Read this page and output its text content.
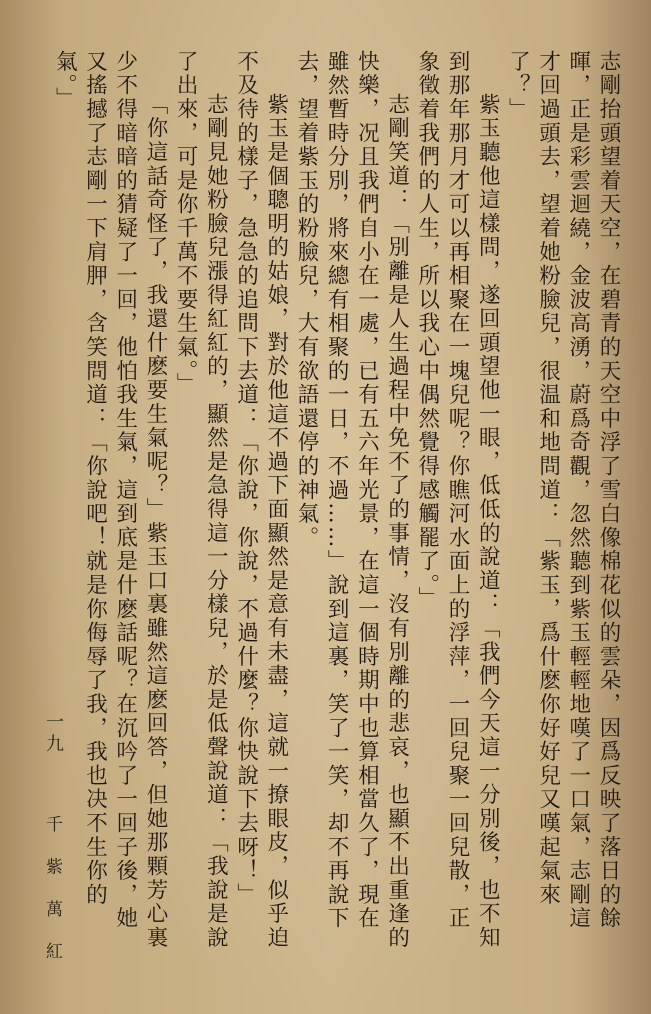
志剛抬頭望着天空，在碧青的天空中浮了雪白像棉花似的雲朵，因爲反映了落日的餘暉，正是彩雲迴繞，金波高湧，蔚爲奇觀，忽然聽到紫玉輕輕地嘆了一口氣，志剛這才回過頭去，望着她粉臉兒，很温和地問道：「紫玉，爲什麽你好好兒又嘆起氣來了？」

紫玉聽他這樣問，遂回頭望他一眼，低低的說道：「我們今天這一分別後，也不知到那年那月才可以再相聚在一塊兒呢？你瞧河水面上的浮萍，一回兒聚一回兒散，正象徵着我們的人生，所以我心中偶然覺得感觸罷了。」

志剛笑道：「別離是人生過程中免不了的事情，沒有別離的悲哀，也顯不出重逢的快樂，况且我們自小在一處，已有五六年光景，在這一個時期中也算相當久了，現在雖然暫時分別，將來總有相聚的一日，不過……」說到這裏，笑了一笑，却不再說下去，望着紫玉的粉臉兒，大有欲語還停的神氣。

紫玉是個聰明的姑娘，對於他這不過下面顯然是意有未盡，這就一撩眼皮，似乎迫不及待的樣子，急急的追問下去道：「你說，你說，不過什麼？你快說下去呀！」

志剛見她粉臉兒漲得紅紅的，顯然是急得這一分樣兒，於是低聲說道：「我說是說了出來，可是你千萬不要生氣。」

「你這話奇怪了，我還什麽要生氣呢？」紫玉口裏雖然這麽回答，但她那顆芳心裏少不得暗暗的猜疑了一回，他怕我生氣，這到底是什麽話呢？在沉吟了一回子後，她又搖撼了志剛一下肩胛，含笑問道：「你說吧！就是你侮辱了我，我也决不生你的氣。」

一九
千 紫 萬 紅
